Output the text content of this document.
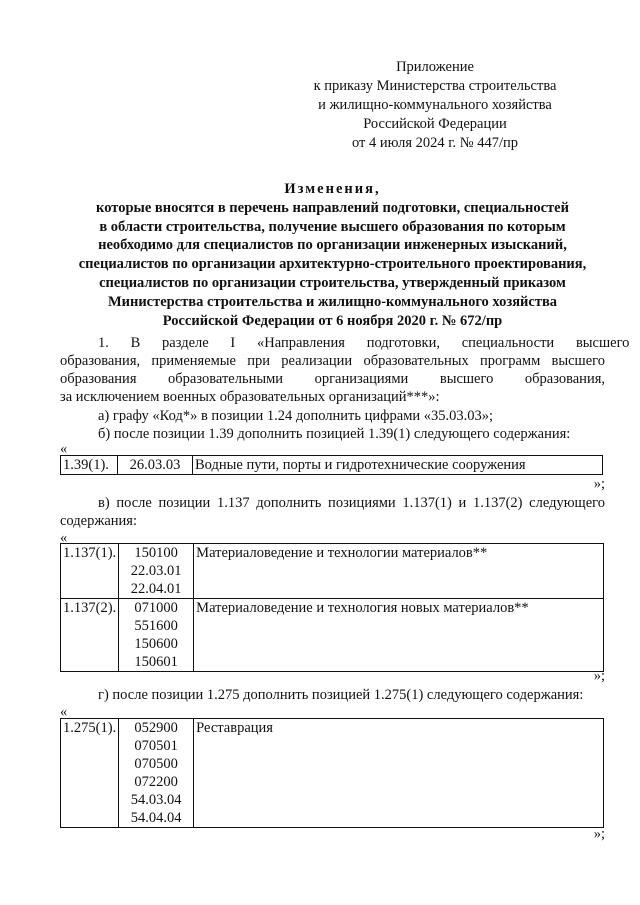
Приложение
к приказу Министерства строительства
и жилищно-коммунального хозяйства
Российской Федерации
от 4 июля 2024 г. № 447/пр
Изменения,
которые вносятся в перечень направлений подготовки, специальностей
в области строительства, получение высшего образования по которым
необходимо для специалистов по организации инженерных изысканий,
специалистов по организации архитектурно-строительного проектирования,
специалистов по организации строительства, утвержденный приказом
Министерства строительства и жилищно-коммунального хозяйства
Российской Федерации от 6 ноября 2020 г. № 672/пр
1.      В      разделе      I      «Направления      подготовки,      специальности      высшего
образования,  применяемые  при  реализации  образовательных  программ  высшего
образования       образовательными       организациями       высшего       образования,
за исключением военных образовательных организаций***»:
а) графу «Код*» в позиции 1.24 дополнить цифрами «35.03.03»;
б) после позиции 1.39 дополнить позицией 1.39(1) следующего содержания:
«
1.39(1).	26.03.03	Водные пути, порты и гидротехнические сооружения
»;
в) после позиции 1.137 дополнить позициями 1.137(1) и 1.137(2) следующего
содержания:
«
1.137(1).	150100
22.03.01
22.04.01	Материаловедение и технологии материалов**
1.137(2).	071000
551600
150600
150601	Материаловедение и технология новых материалов**
»;
г) после позиции 1.275 дополнить позицией 1.275(1) следующего содержания:
«
1.275(1).	052900
070501
070500
072200
54.03.04
54.04.04
	Реставрация
»;
